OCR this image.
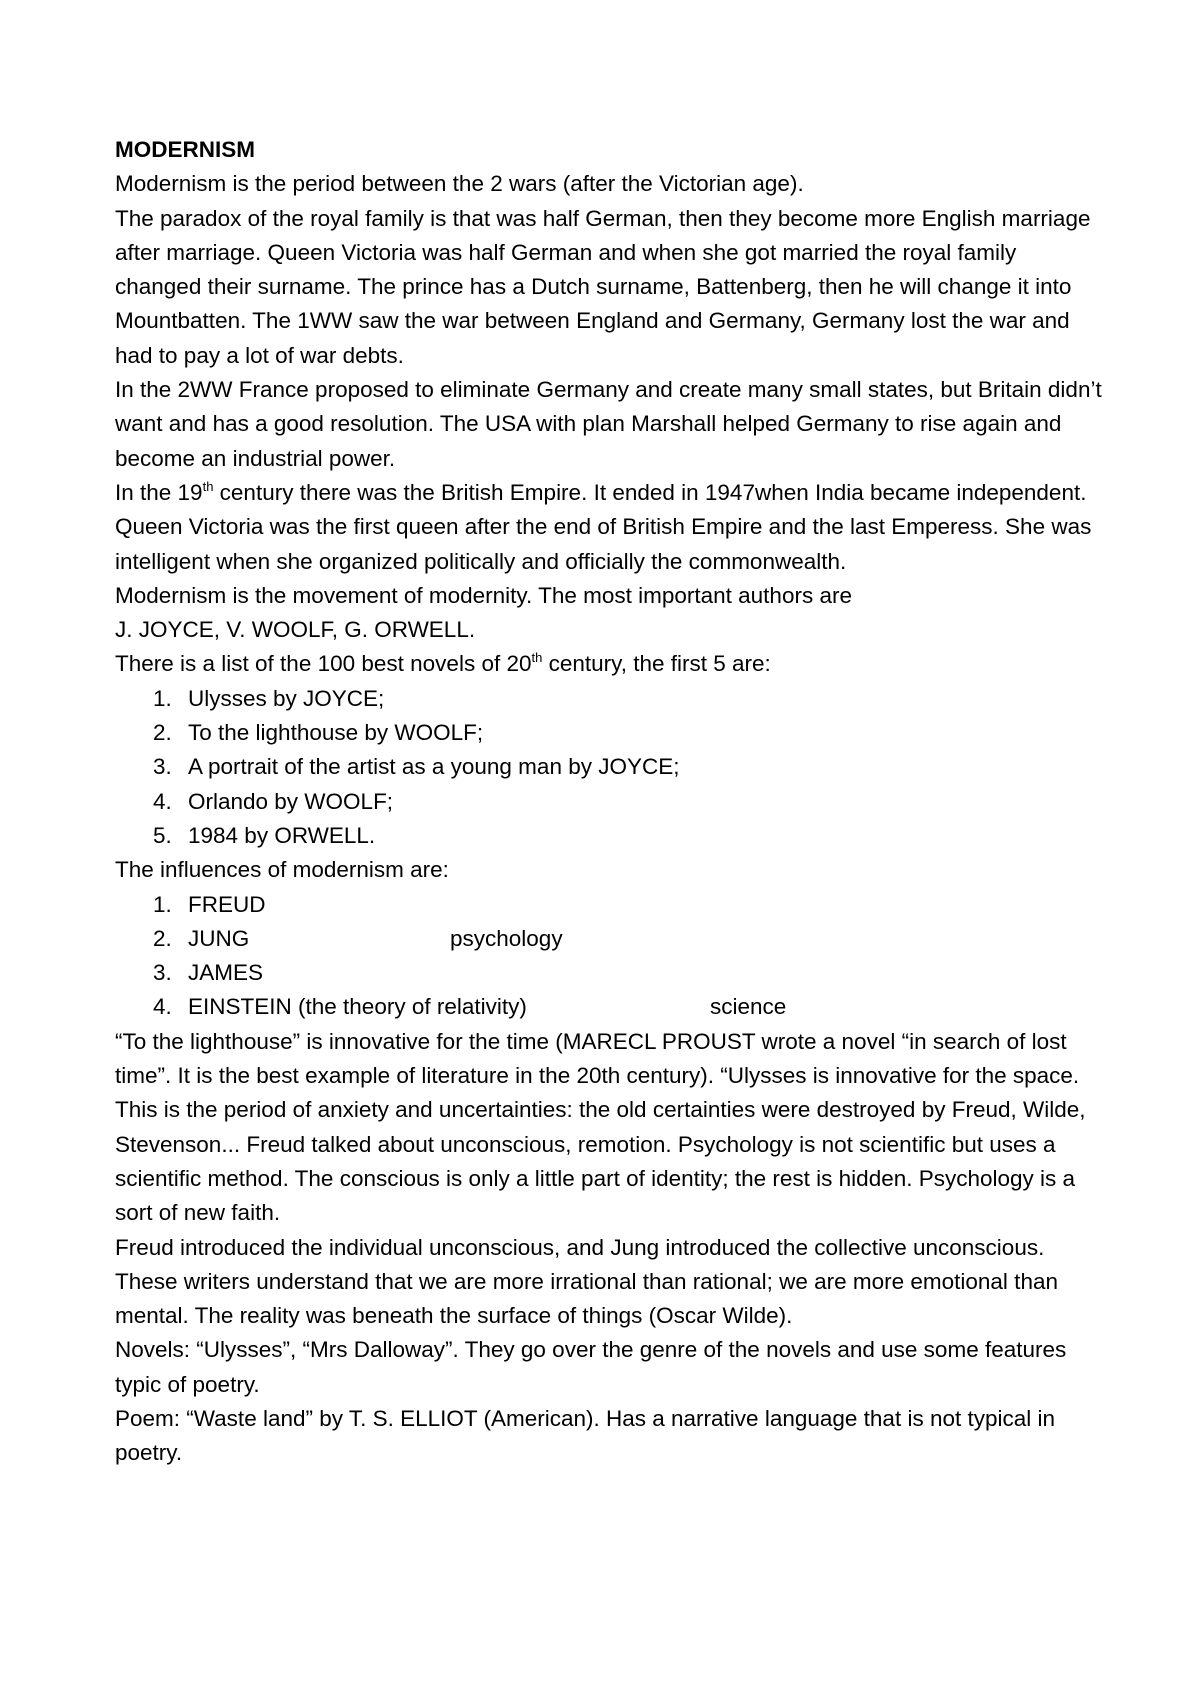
MODERNISM

Modernism is the period between the 2 wars (after the Victorian age).

The paradox of the royal family is that was half German, then they become more English marriage after marriage. Queen Victoria was half German and when she got married the royal family changed their surname. The prince has a Dutch surname, Battenberg, then he will change it into Mountbatten. The 1WW saw the war between England and Germany, Germany lost the war and had to pay a lot of war debts.

In the 2WW France proposed to eliminate Germany and create many small states, but Britain didn’t want and has a good resolution. The USA with plan Marshall helped Germany to rise again and become an industrial power.

In the 19th century there was the British Empire. It ended in 1947when India became independent. Queen Victoria was the first queen after the end of British Empire and the last Emperess. She was intelligent when she organized politically and officially the commonwealth.

Modernism is the movement of modernity. The most important authors are

J. JOYCE, V. WOOLF, G. ORWELL.

There is a list of the 100 best novels of 20th century, the first 5 are:

1. Ulysses by JOYCE;
2. To the lighthouse by WOOLF;
3. A portrait of the artist as a young man by JOYCE;
4. Orlando by WOOLF;
5. 1984 by ORWELL.

The influences of modernism are:

1. FREUD
2. JUNG	psychology
3. JAMES
4. EINSTEIN (the theory of relativity)	science

“To the lighthouse” is innovative for the time (MARECL PROUST wrote a novel “in search of lost time”. It is the best example of literature in the 20th century). “Ulysses is innovative for the space.

This is the period of anxiety and uncertainties: the old certainties were destroyed by Freud, Wilde, Stevenson... Freud talked about unconscious, remotion. Psychology is not scientific but uses a scientific method. The conscious is only a little part of identity; the rest is hidden. Psychology is a sort of new faith.

Freud introduced the individual unconscious, and Jung introduced the collective unconscious. These writers understand that we are more irrational than rational; we are more emotional than mental. The reality was beneath the surface of things (Oscar Wilde).

Novels: “Ulysses”, “Mrs Dalloway”. They go over the genre of the novels and use some features typic of poetry.

Poem: “Waste land” by T. S. ELLIOT (American). Has a narrative language that is not typical in poetry.
